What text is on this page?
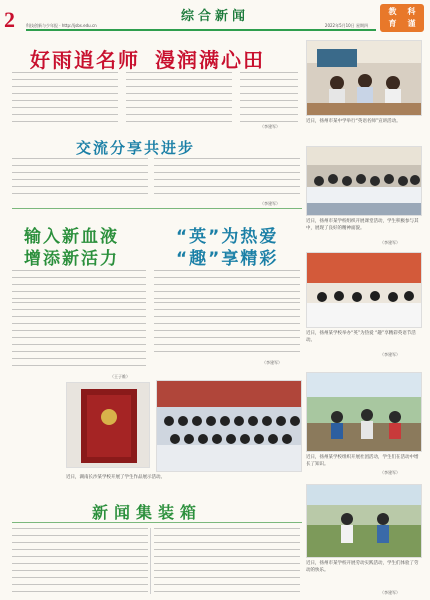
2	综合新闻
科技创新与少年报 · http://jsbs.edu.cn	2022年5月10日 星期四
教	科
育	谨
好雨逍名师 漫润满心田
（李建军）
近日，扬州市某中学举行“英语名师”宣讲活动。
交流分享共进步
（李建军）
近日，扬州市某学校组织开展课堂活动，学生积极参与其中，展现了良好的精神面貌。
（李建军）
输入新血液
增添新活力
“英”为热爱
“趣”享精彩
（王子维）
（李建军）
近日，扬州某学校举办“英”为热爱 “趣”享精彩英语节活动。
（李建军）
近日，湖南长沙某学校开展了学生作品展示活动。
新闻集装箱
近日，扬州某学校组织开展社团活动，学生们在活动中增长了知识。
（李建军）
近日，扬州市某学校开展劳动实践活动，学生们体验了劳动的快乐。
（李建军）
